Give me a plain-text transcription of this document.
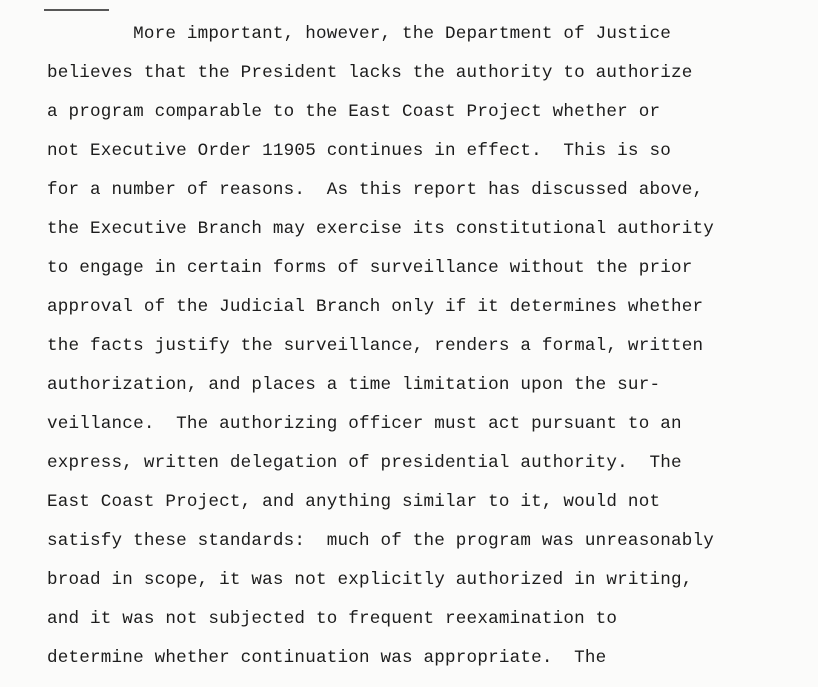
More important, however, the Department of Justice
believes that the President lacks the authority to authorize
a program comparable to the East Coast Project whether or
not Executive Order 11905 continues in effect.  This is so
for a number of reasons.  As this report has discussed above,
the Executive Branch may exercise its constitutional authority
to engage in certain forms of surveillance without the prior
approval of the Judicial Branch only if it determines whether
the facts justify the surveillance, renders a formal, written
authorization, and places a time limitation upon the sur-
veillance.  The authorizing officer must act pursuant to an
express, written delegation of presidential authority.  The
East Coast Project, and anything similar to it, would not
satisfy these standards:  much of the program was unreasonably
broad in scope, it was not explicitly authorized in writing,
and it was not subjected to frequent reexamination to
determine whether continuation was appropriate.  The
